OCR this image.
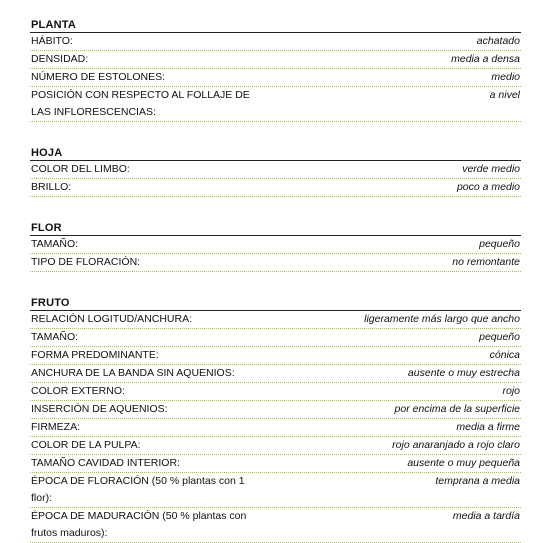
PLANTA
HÁBITO:	achatado
DENSIDAD:	media a densa
NÚMERO DE ESTOLONES:	medio
POSICIÓN CON RESPECTO AL FOLLAJE DE LAS INFLORESCENCIAS:
a nivel
HOJA
COLOR DEL LIMBO:	verde medio
BRILLO:	poco a medio
FLOR
TAMAÑO:	pequeño
TIPO DE FLORACIÓN:	no remontante
FRUTO
RELACIÓN LOGITUD/ANCHURA:	ligeramente más largo que ancho
TAMAÑO:	pequeño
FORMA PREDOMINANTE:	cónica
ANCHURA DE LA BANDA SIN AQUENIOS:	ausente o muy estrecha
COLOR EXTERNO:	rojo
INSERCIÓN DE AQUENIOS:	por encima de la superficie
FIRMEZA:	media a firme
COLOR DE LA PULPA:	rojo anaranjado a rojo claro
TAMAÑO CAVIDAD INTERIOR:	ausente o muy pequeña
ÉPOCA DE FLORACIÓN (50 % plantas con 1 flor):
temprana a media
ÉPOCA DE MADURACIÓN (50 % plantas con frutos maduros):
media a tardía
